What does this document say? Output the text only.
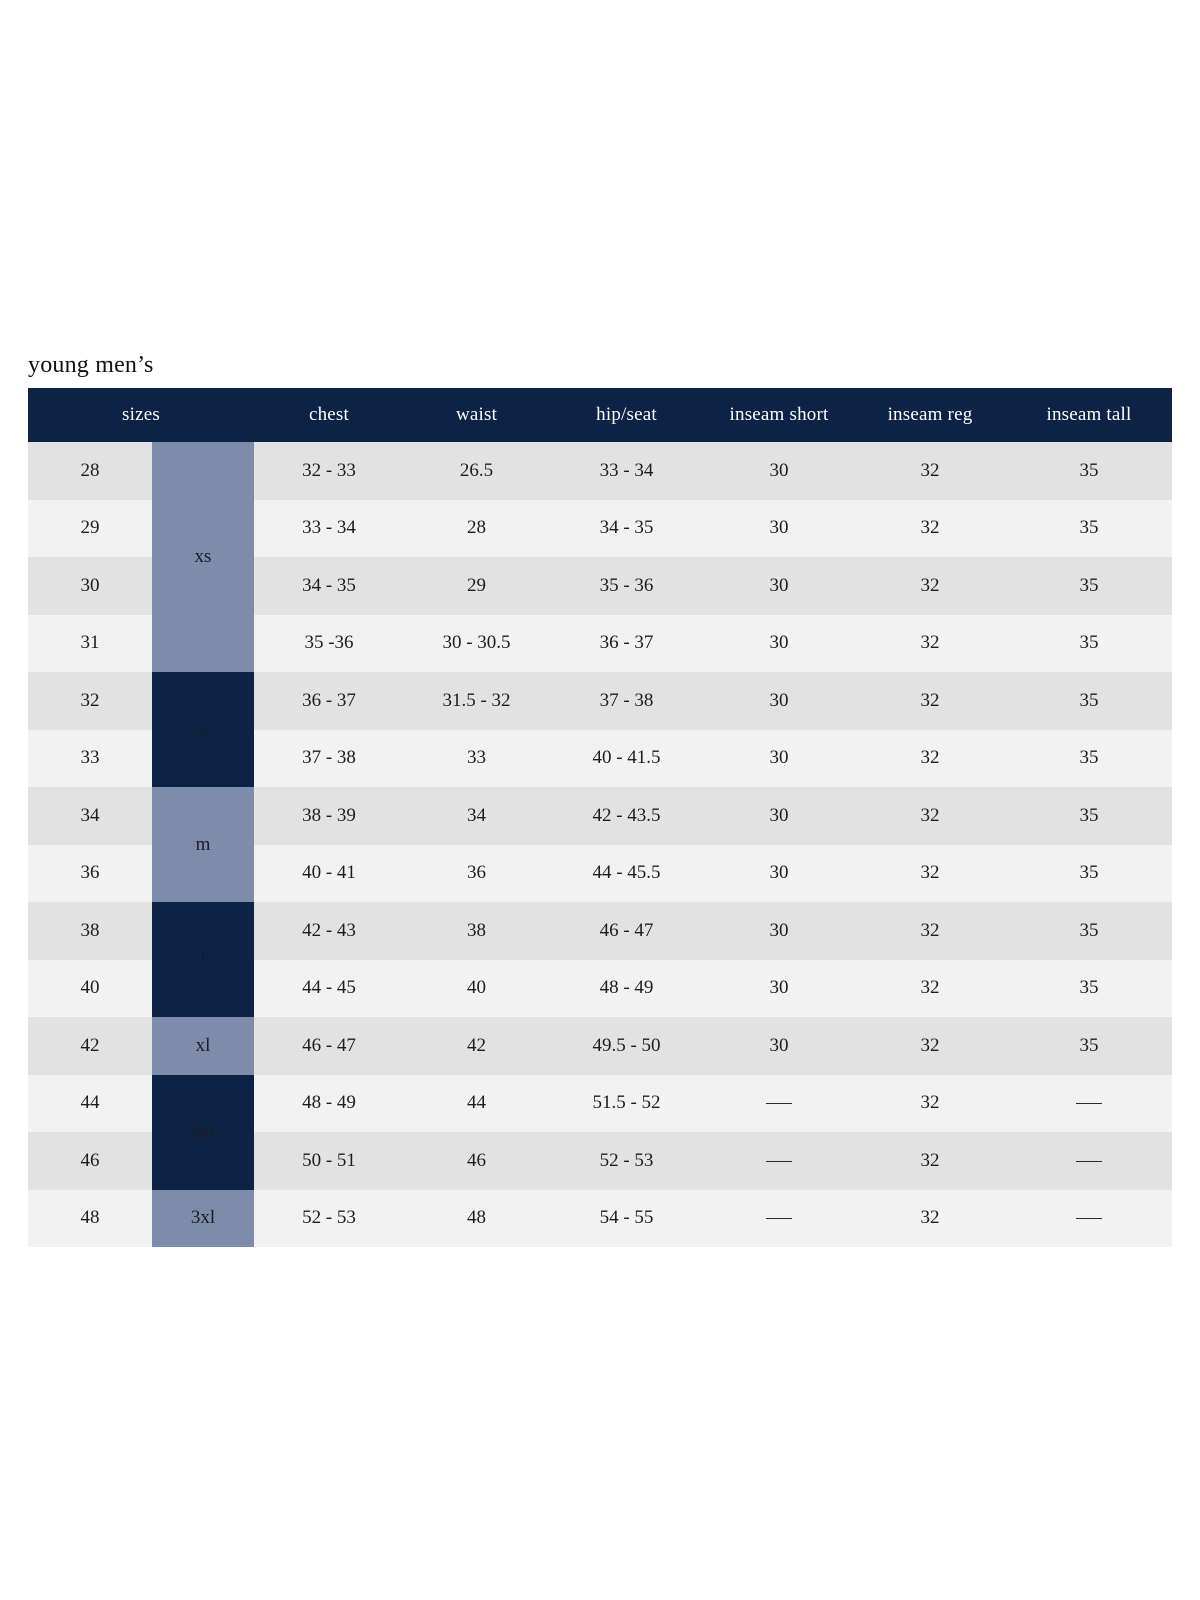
young men’s
sizes		chest	waist	hip/seat	inseam short	inseam reg	inseam tall
28	xs	32 - 33	26.5	33 - 34	30	32	35
29		33 - 34	28	34 - 35	30	32	35
30		34 - 35	29	35 - 36	30	32	35
31		35 -36	30 - 30.5	36 - 37	30	32	35
32	s	36 - 37	31.5 - 32	37 - 38	30	32	35
33		37 - 38	33	40 - 41.5	30	32	35
34	m	38 - 39	34	42 - 43.5	30	32	35
36		40 - 41	36	44 - 45.5	30	32	35
38	l	42 - 43	38	46 - 47	30	32	35
40		44 - 45	40	48 - 49	30	32	35
42	xl	46 - 47	42	49.5 - 50	30	32	35
44	2xl	48 - 49	44	51.5 - 52		32	
46		50 - 51	46	52 - 53		32	
48	3xl	52 - 53	48	54 - 55		32	
